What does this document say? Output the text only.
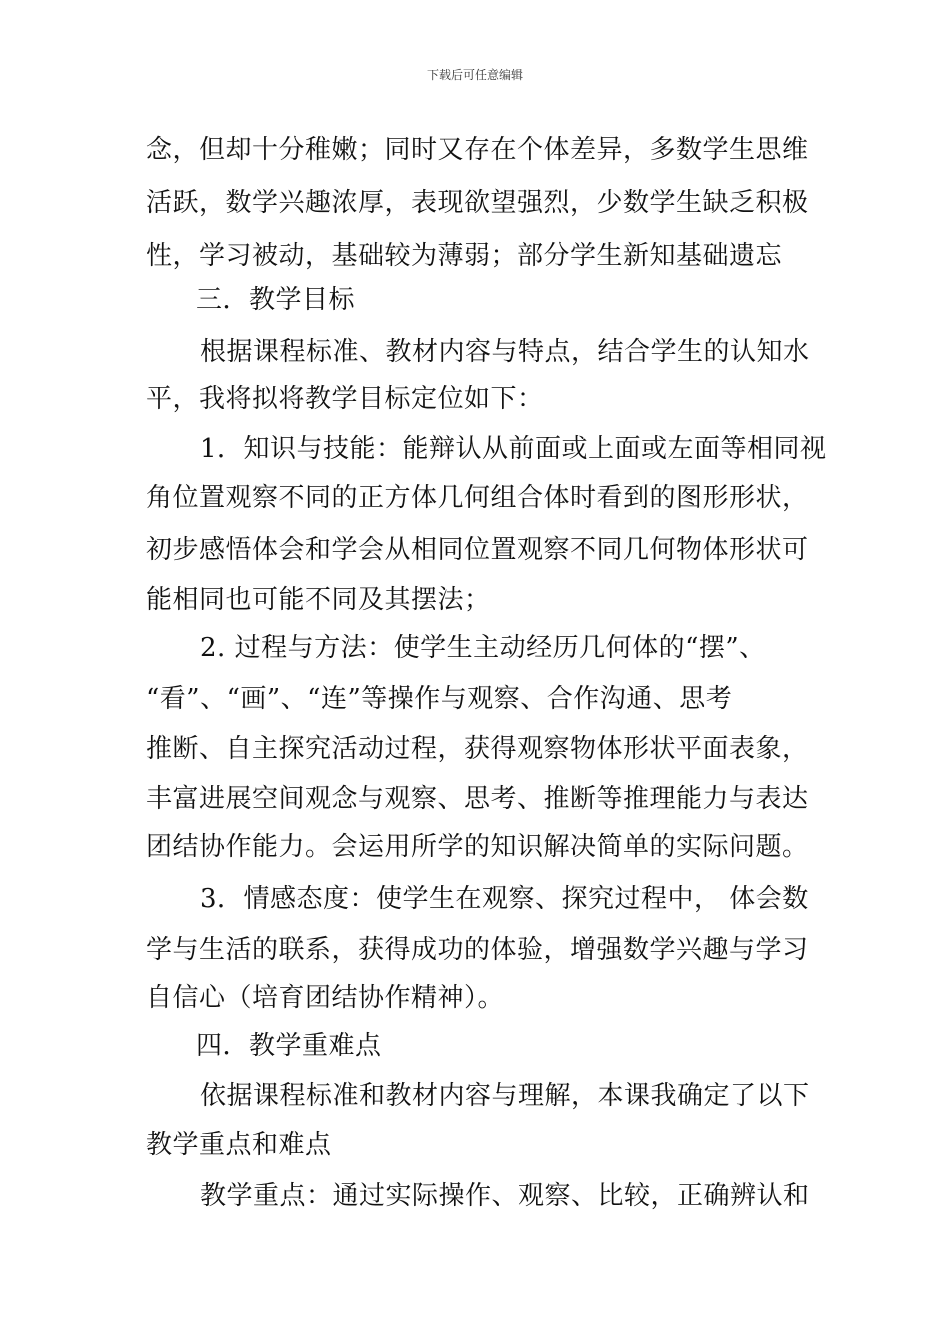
下载后可任意编辑
念，但却十分稚嫩；同时又存在个体差异，多数学生思维
活跃，数学兴趣浓厚，表现欲望强烈，少数学生缺乏积极
性，学习被动，基础较为薄弱；部分学生新知基础遗忘
三．教学目标
根据课程标准、教材内容与特点，结合学生的认知水
平，我将拟将教学目标定位如下：
1．知识与技能：能辩认从前面或上面或左面等相同视
角位置观察不同的正方体几何组合体时看到的图形形状，
初步感悟体会和学会从相同位置观察不同几何物体形状可
能相同也可能不同及其摆法；
2. 过程与方法：使学生主动经历几何体的“摆”、
“看”、“画”、“连”等操作与观察、合作沟通、思考
推断、自主探究活动过程，获得观察物体形状平面表象，
丰富进展空间观念与观察、思考、推断等推理能力与表达
团结协作能力。会运用所学的知识解决简单的实际问题。
3．情感态度：使学生在观察、探究过程中， 体会数
学与生活的联系，获得成功的体验，增强数学兴趣与学习
自信心（培育团结协作精神）。
四．教学重难点
依据课程标准和教材内容与理解，本课我确定了以下
教学重点和难点
教学重点：通过实际操作、观察、比较，正确辨认和
